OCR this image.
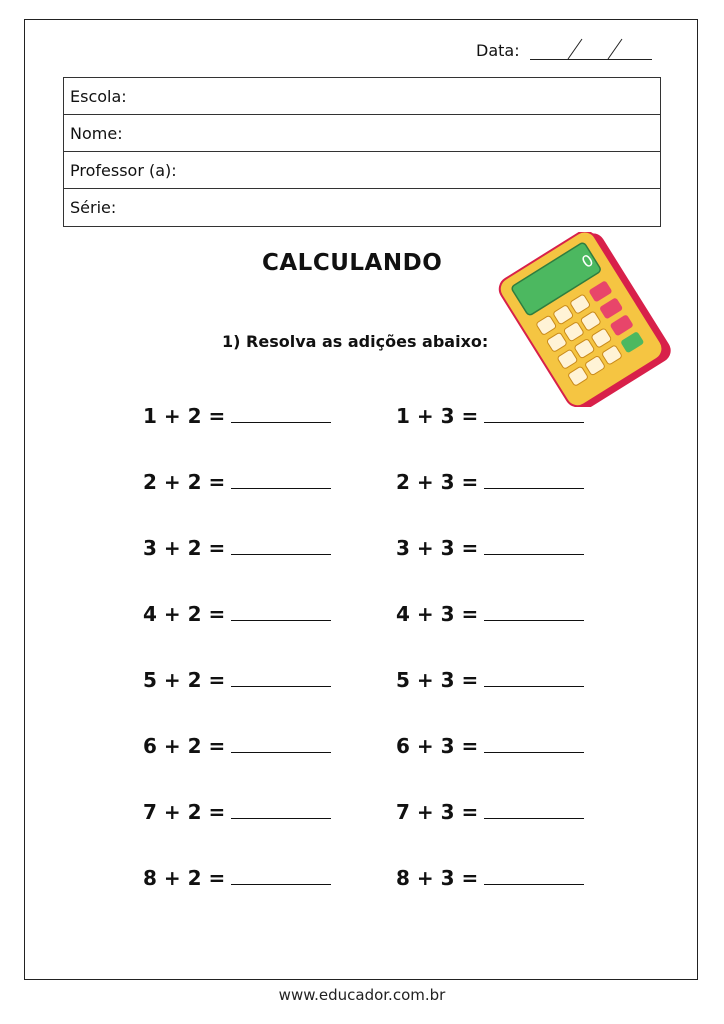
Data:
Escola:
Nome:
Professor (a):
Série:
CALCULANDO	0
1) Resolva as adições abaixo:
1 + 2 =
2 + 2 =
3 + 2 =
4 + 2 =
5 + 2 =
6 + 2 =
7 + 2 =
8 + 2 =
1 + 3 =
2 + 3 =
3 + 3 =
4 + 3 =
5 + 3 =
6 + 3 =
7 + 3 =
8 + 3 =
www.educador.com.br
